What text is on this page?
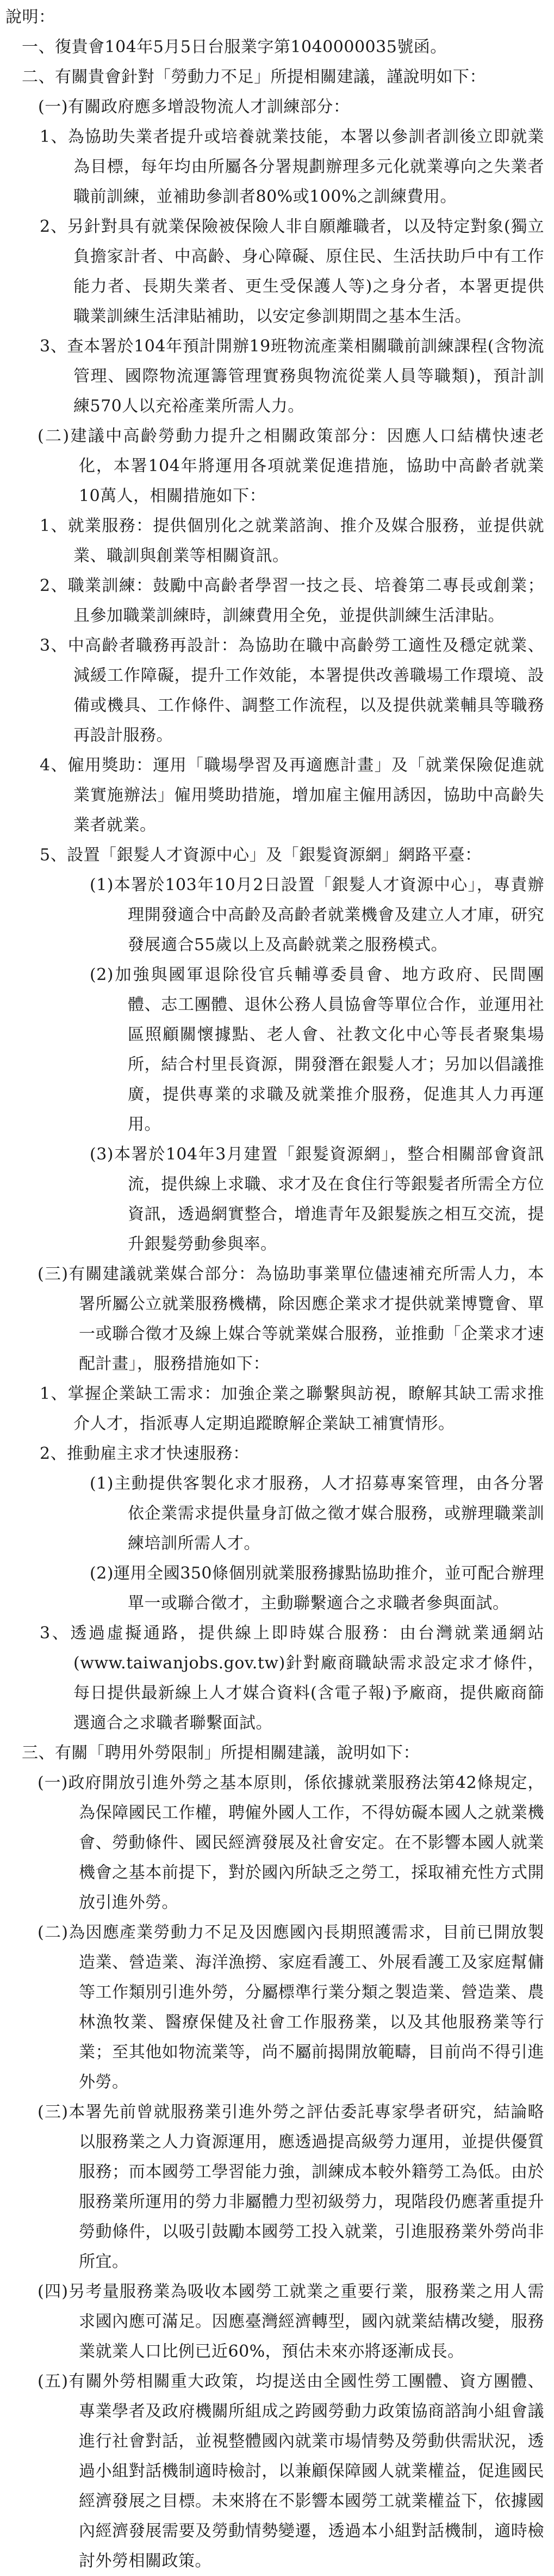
說明：
一、復貴會104年5月5日台服業字第1040000035號函。
二、有關貴會針對「勞動力不足」所提相關建議，謹說明如下：
(一)有關政府應多增設物流人才訓練部分：
1、為協助失業者提升或培養就業技能，本署以參訓者訓後立即就業為目標，每年均由所屬各分署規劃辦理多元化就業導向之失業者職前訓練，並補助參訓者80%或100%之訓練費用。
2、另針對具有就業保險被保險人非自願離職者，以及特定對象(獨立負擔家計者、中高齡、身心障礙、原住民、生活扶助戶中有工作能力者、長期失業者、更生受保護人等)之身分者，本署更提供職業訓練生活津貼補助，以安定參訓期間之基本生活。
3、查本署於104年預計開辦19班物流產業相關職前訓練課程(含物流管理、國際物流運籌管理實務與物流從業人員等職類)，預計訓練570人以充裕產業所需人力。
(二)建議中高齡勞動力提升之相關政策部分：因應人口結構快速老化，本署104年將運用各項就業促進措施，協助中高齡者就業10萬人，相關措施如下：
1、就業服務：提供個別化之就業諮詢、推介及媒合服務，並提供就業、職訓與創業等相關資訊。
2、職業訓練：鼓勵中高齡者學習一技之長、培養第二專長或創業；且參加職業訓練時，訓練費用全免，並提供訓練生活津貼。
3、中高齡者職務再設計：為協助在職中高齡勞工適性及穩定就業、減緩工作障礙，提升工作效能，本署提供改善職場工作環境、設備或機具、工作條件、調整工作流程，以及提供就業輔具等職務再設計服務。
4、僱用獎助：運用「職場學習及再適應計畫」及「就業保險促進就業實施辦法」僱用獎助措施，增加雇主僱用誘因，協助中高齡失業者就業。
5、設置「銀髮人才資源中心」及「銀髮資源網」網路平臺：
(1)本署於103年10月2日設置「銀髮人才資源中心」，專責辦理開發適合中高齡及高齡者就業機會及建立人才庫，研究發展適合55歲以上及高齡就業之服務模式。
(2)加強與國軍退除役官兵輔導委員會、地方政府、民間團體、志工團體、退休公務人員協會等單位合作，並運用社區照顧關懷據點、老人會、社教文化中心等長者聚集場所，結合村里長資源，開發潛在銀髮人才；另加以倡議推廣，提供專業的求職及就業推介服務，促進其人力再運用。
(3)本署於104年3月建置「銀髮資源網」，整合相關部會資訊流，提供線上求職、求才及在食住行等銀髮者所需全方位資訊，透過網實整合，增進青年及銀髮族之相互交流，提升銀髮勞動參與率。
(三)有關建議就業媒合部分：為協助事業單位儘速補充所需人力，本署所屬公立就業服務機構，除因應企業求才提供就業博覽會、單一或聯合徵才及線上媒合等就業媒合服務，並推動「企業求才速配計畫」，服務措施如下：
1、掌握企業缺工需求：加強企業之聯繫與訪視，瞭解其缺工需求推介人才，指派專人定期追蹤瞭解企業缺工補實情形。
2、推動雇主求才快速服務：
(1)主動提供客製化求才服務，人才招募專案管理，由各分署依企業需求提供量身訂做之徵才媒合服務，或辦理職業訓練培訓所需人才。
(2)運用全國350條個別就業服務據點協助推介，並可配合辦理單一或聯合徵才，主動聯繫適合之求職者參與面試。
3、透過虛擬通路，提供線上即時媒合服務：由台灣就業通網站(www.taiwanjobs.gov.tw)針對廠商職缺需求設定求才條件，每日提供最新線上人才媒合資料(含電子報)予廠商，提供廠商篩選適合之求職者聯繫面試。
三、有關「聘用外勞限制」所提相關建議，說明如下：
(一)政府開放引進外勞之基本原則，係依據就業服務法第42條規定，為保障國民工作權，聘僱外國人工作，不得妨礙本國人之就業機會、勞動條件、國民經濟發展及社會安定。在不影響本國人就業機會之基本前提下，對於國內所缺乏之勞工，採取補充性方式開放引進外勞。
(二)為因應產業勞動力不足及因應國內長期照護需求，目前已開放製造業、營造業、海洋漁撈、家庭看護工、外展看護工及家庭幫傭等工作類別引進外勞，分屬標準行業分類之製造業、營造業、農林漁牧業、醫療保健及社會工作服務業，以及其他服務業等行業；至其他如物流業等，尚不屬前揭開放範疇，目前尚不得引進外勞。
(三)本署先前曾就服務業引進外勞之評估委託專家學者研究，結論略以服務業之人力資源運用，應透過提高級勞力運用，並提供優質服務；而本國勞工學習能力強，訓練成本較外籍勞工為低。由於服務業所運用的勞力非屬體力型初級勞力，現階段仍應著重提升勞動條件，以吸引鼓勵本國勞工投入就業，引進服務業外勞尚非所宜。
(四)另考量服務業為吸收本國勞工就業之重要行業，服務業之用人需求國內應可滿足。因應臺灣經濟轉型，國內就業結構改變，服務業就業人口比例已近60%，預估未來亦將逐漸成長。
(五)有關外勞相關重大政策，均提送由全國性勞工團體、資方團體、專業學者及政府機關所組成之跨國勞動力政策協商諮詢小組會議進行社會對話，並視整體國內就業市場情勢及勞動供需狀況，透過小組對話機制適時檢討，以兼顧保障國人就業權益，促進國民經濟發展之目標。未來將在不影響本國勞工就業權益下，依據國內經濟發展需要及勞動情勢變遷，透過本小組對話機制，適時檢討外勞相關政策。
